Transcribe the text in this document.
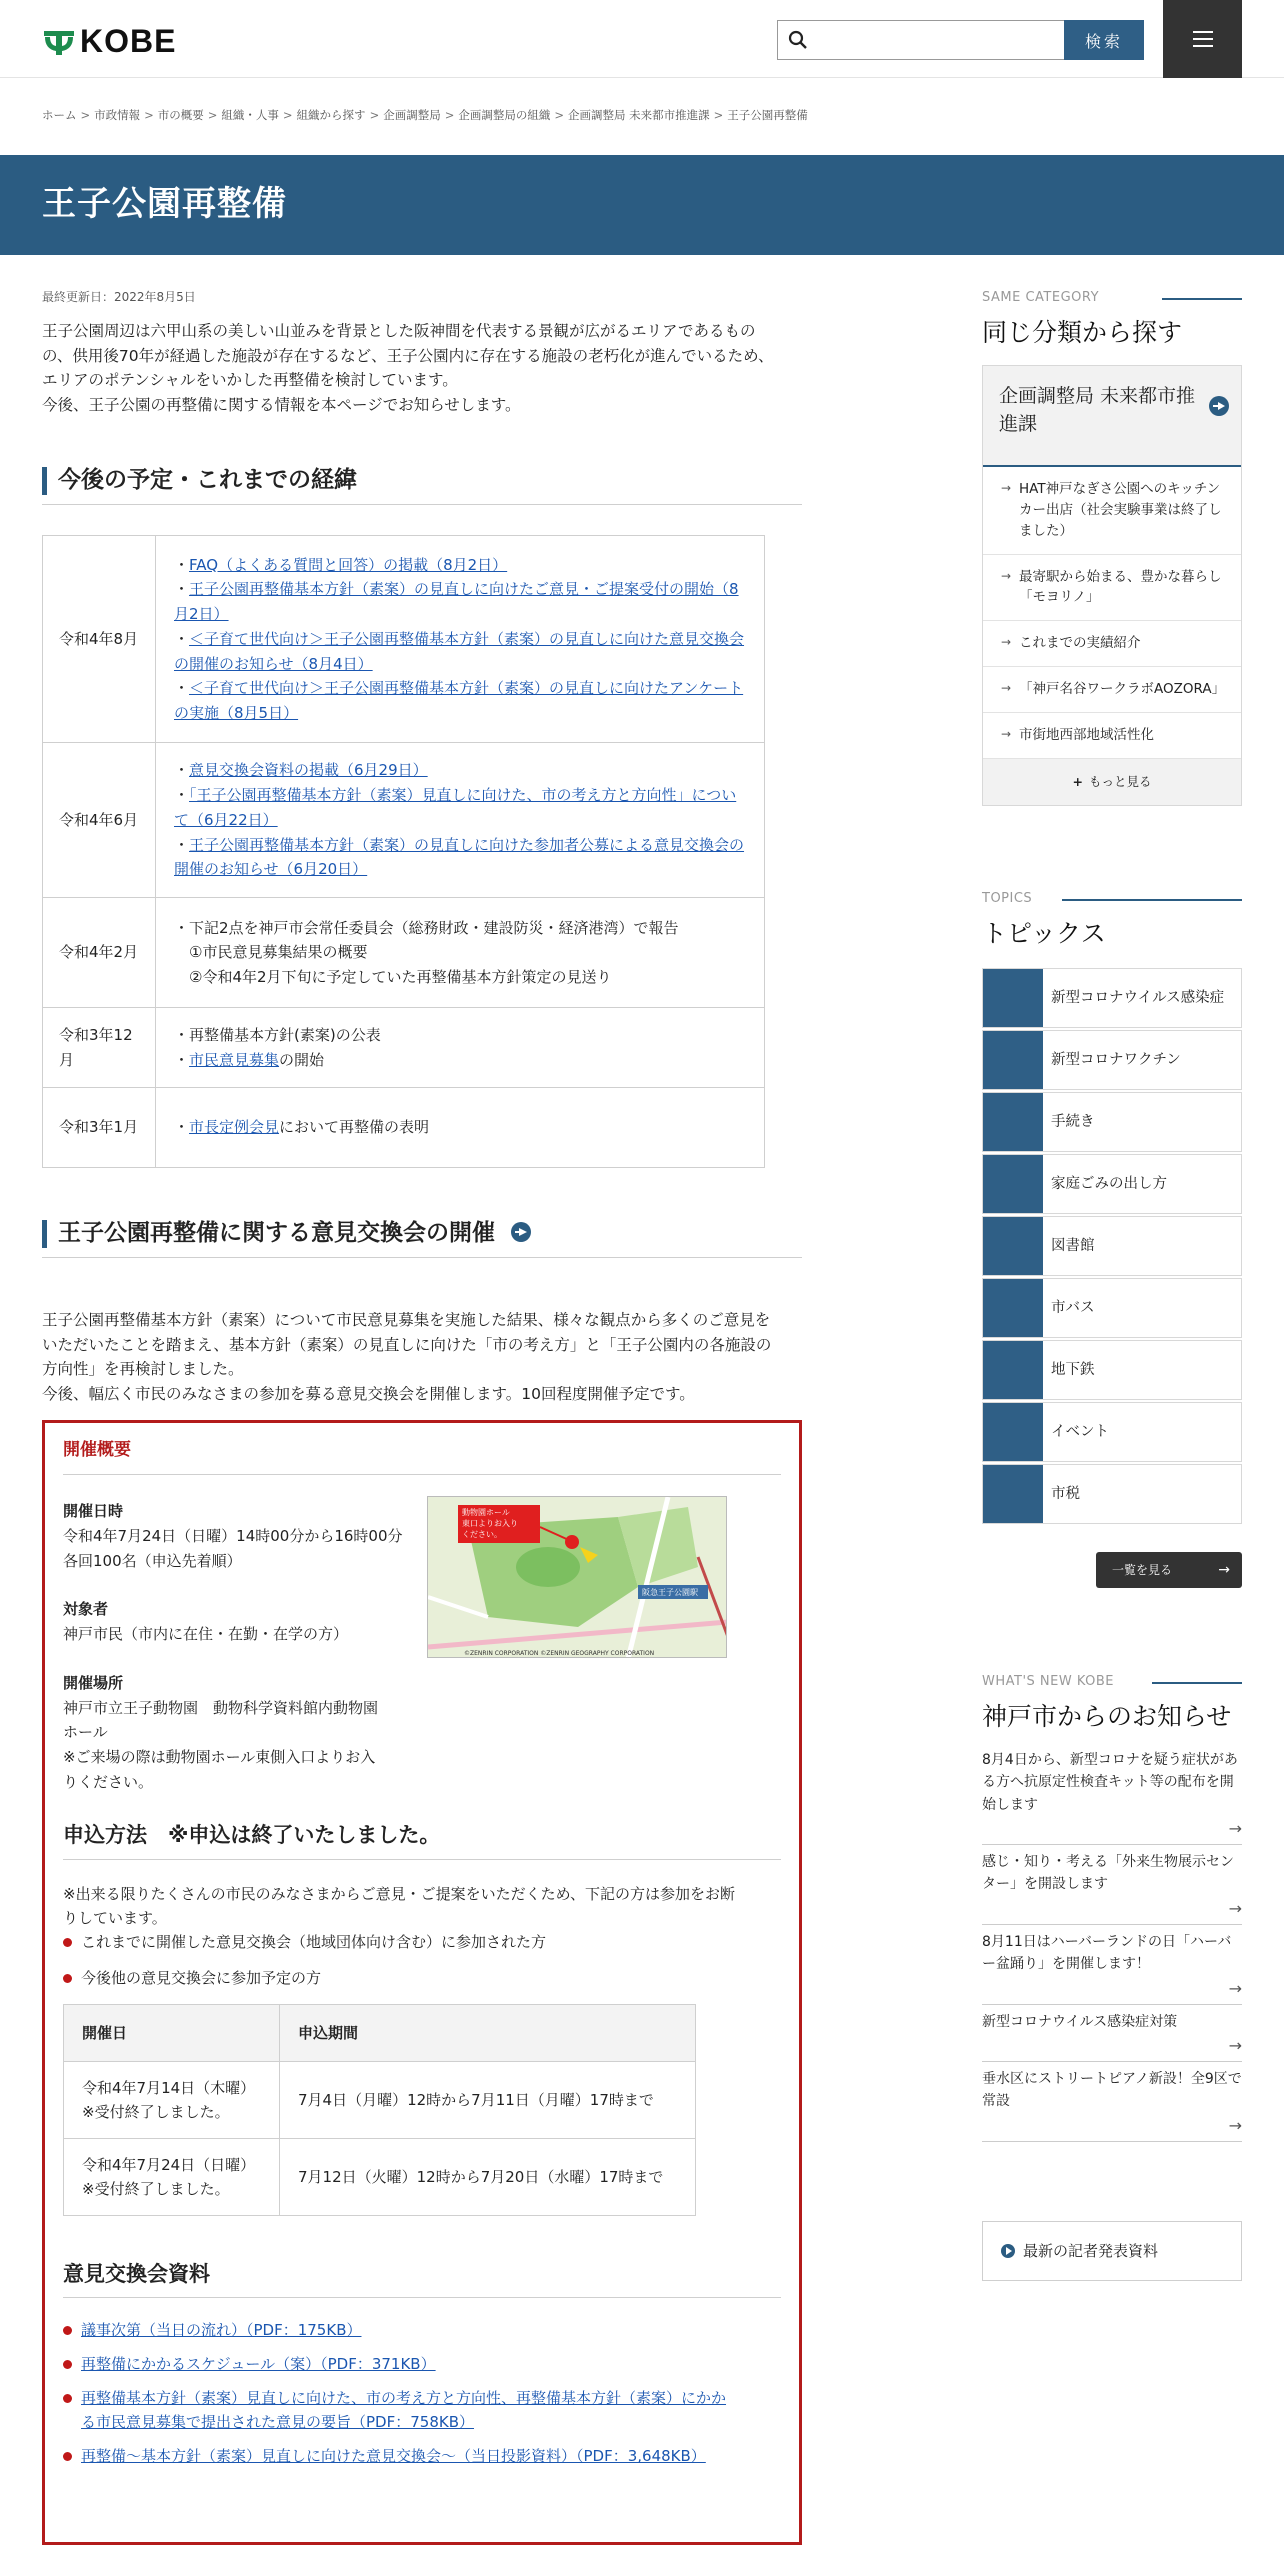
KOBE	検索
ホーム > 市政情報 > 市の概要 > 組織・人事 > 組織から探す > 企画調整局 > 企画調整局の組織 > 企画調整局 未来都市推進課 > 王子公園再整備
王子公園再整備
最終更新日：2022年8月5日
王子公園周辺は六甲山系の美しい山並みを背景とした阪神間を代表する景観が広がるエリアであるもの
の、供用後70年が経過した施設が存在するなど、王子公園内に存在する施設の老朽化が進んでいるため、
エリアのポテンシャルをいかした再整備を検討しています。
今後、王子公園の再整備に関する情報を本ページでお知らせします。
今後の予定・これまでの経緯
令和4年8月	・FAQ（よくある質問と回答）の掲載（8月2日）
・王子公園再整備基本方針（素案）の見直しに向けたご意見・ご提案受付の開始（8月2日）
・＜子育て世代向け＞王子公園再整備基本方針（素案）の見直しに向けた意見交換会の開催のお知らせ（8月4日）
・＜子育て世代向け＞王子公園再整備基本方針（素案）の見直しに向けたアンケートの実施（8月5日）

令和4年6月	・意見交換会資料の掲載（6月29日）
・「王子公園再整備基本方針（素案）見直しに向けた、市の考え方と方向性」について（6月22日）
・王子公園再整備基本方針（素案）の見直しに向けた参加者公募による意見交換会の開催のお知らせ（6月20日）

令和4年2月	・下記2点を神戸市会常任委員会（総務財政・建設防災・経済港湾）で報告
　①市民意見募集結果の概要
　②令和4年2月下旬に予定していた再整備基本方針策定の見送り

令和3年12月	・再整備基本方針(素案)の公表
・市民意見募集の開始

令和3年1月	・市長定例会見において再整備の表明
王子公園再整備に関する意見交換会の開催
王子公園再整備基本方針（素案）について市民意見募集を実施した結果、様々な観点から多くのご意見を
いただいたことを踏まえ、基本方針（素案）の見直しに向けた「市の考え方」と「王子公園内の各施設の
方向性」を再検討しました。
今後、幅広く市民のみなさまの参加を募る意見交換会を開催します。10回程度開催予定です。
開催概要
開催日時
令和4年7月24日（日曜）14時00分から16時00分
各回100名（申込先着順）
対象者
神戸市民（市内に在住・在勤・在学の方）
開催場所
神戸市立王子動物園　動物科学資料館内動物園
ホール
※ご来場の際は動物園ホール東側入口よりお入
りください。
阪急王子公園駅
動物園ホール
東口よりお入り
ください。
©ZENRIN CORPORATION ©ZENRIN GEOGRAPHY CORPORATION
申込方法　※申込は終了いたしました。
※出来る限りたくさんの市民のみなさまからご意見・ご提案をいただくため、下記の方は参加をお断
りしています。
これまでに開催した意見交換会（地域団体向け含む）に参加された方
今後他の意見交換会に参加予定の方
開催日	申込期間

令和4年7月14日（木曜）
※受付終了しました。	7月4日（月曜）12時から7月11日（月曜）17時まで

令和4年7月24日（日曜）
※受付終了しました。	7月12日（火曜）12時から7月20日（水曜）17時まで
意見交換会資料
議事次第（当日の流れ）（PDF：175KB）
再整備にかかるスケジュール（案）（PDF：371KB）
再整備基本方針（素案）見直しに向けた、市の考え方と方向性、再整備基本方針（素案）にかか
る市民意見募集で提出された意見の要旨（PDF：758KB）
再整備～基本方針（素案）見直しに向けた意見交換会～（当日投影資料）（PDF：3,648KB）
SAME CATEGORY
同じ分類から探す
企画調整局 未来都市推進課
→ HAT神戸なぎさ公園へのキッチンカー出店（社会実験事業は終了しました）
→ 最寄駅から始まる、豊かな暮らし「モヨリノ」
→ これまでの実績紹介
→ 「神戸名谷ワークラボAOZORA」
→ 市街地西部地域活性化
+ もっと見る
TOPICS
トピックス
新型コロナウイルス感染症
新型コロナワクチン
手続き
家庭ごみの出し方
図書館
市バス
地下鉄
イベント
市税
一覧を見る	→
WHAT'S NEW KOBE
神戸市からのお知らせ
8月4日から、新型コロナを疑う症状がある方へ抗原定性検査キット等の配布を開始します
→
感じ・知り・考える「外来生物展示センター」を開設します
→
8月11日はハーバーランドの日「ハーバー盆踊り」を開催します！
→
新型コロナウイルス感染症対策
→
垂水区にストリートピアノ新設！全9区で常設
→
最新の記者発表資料
